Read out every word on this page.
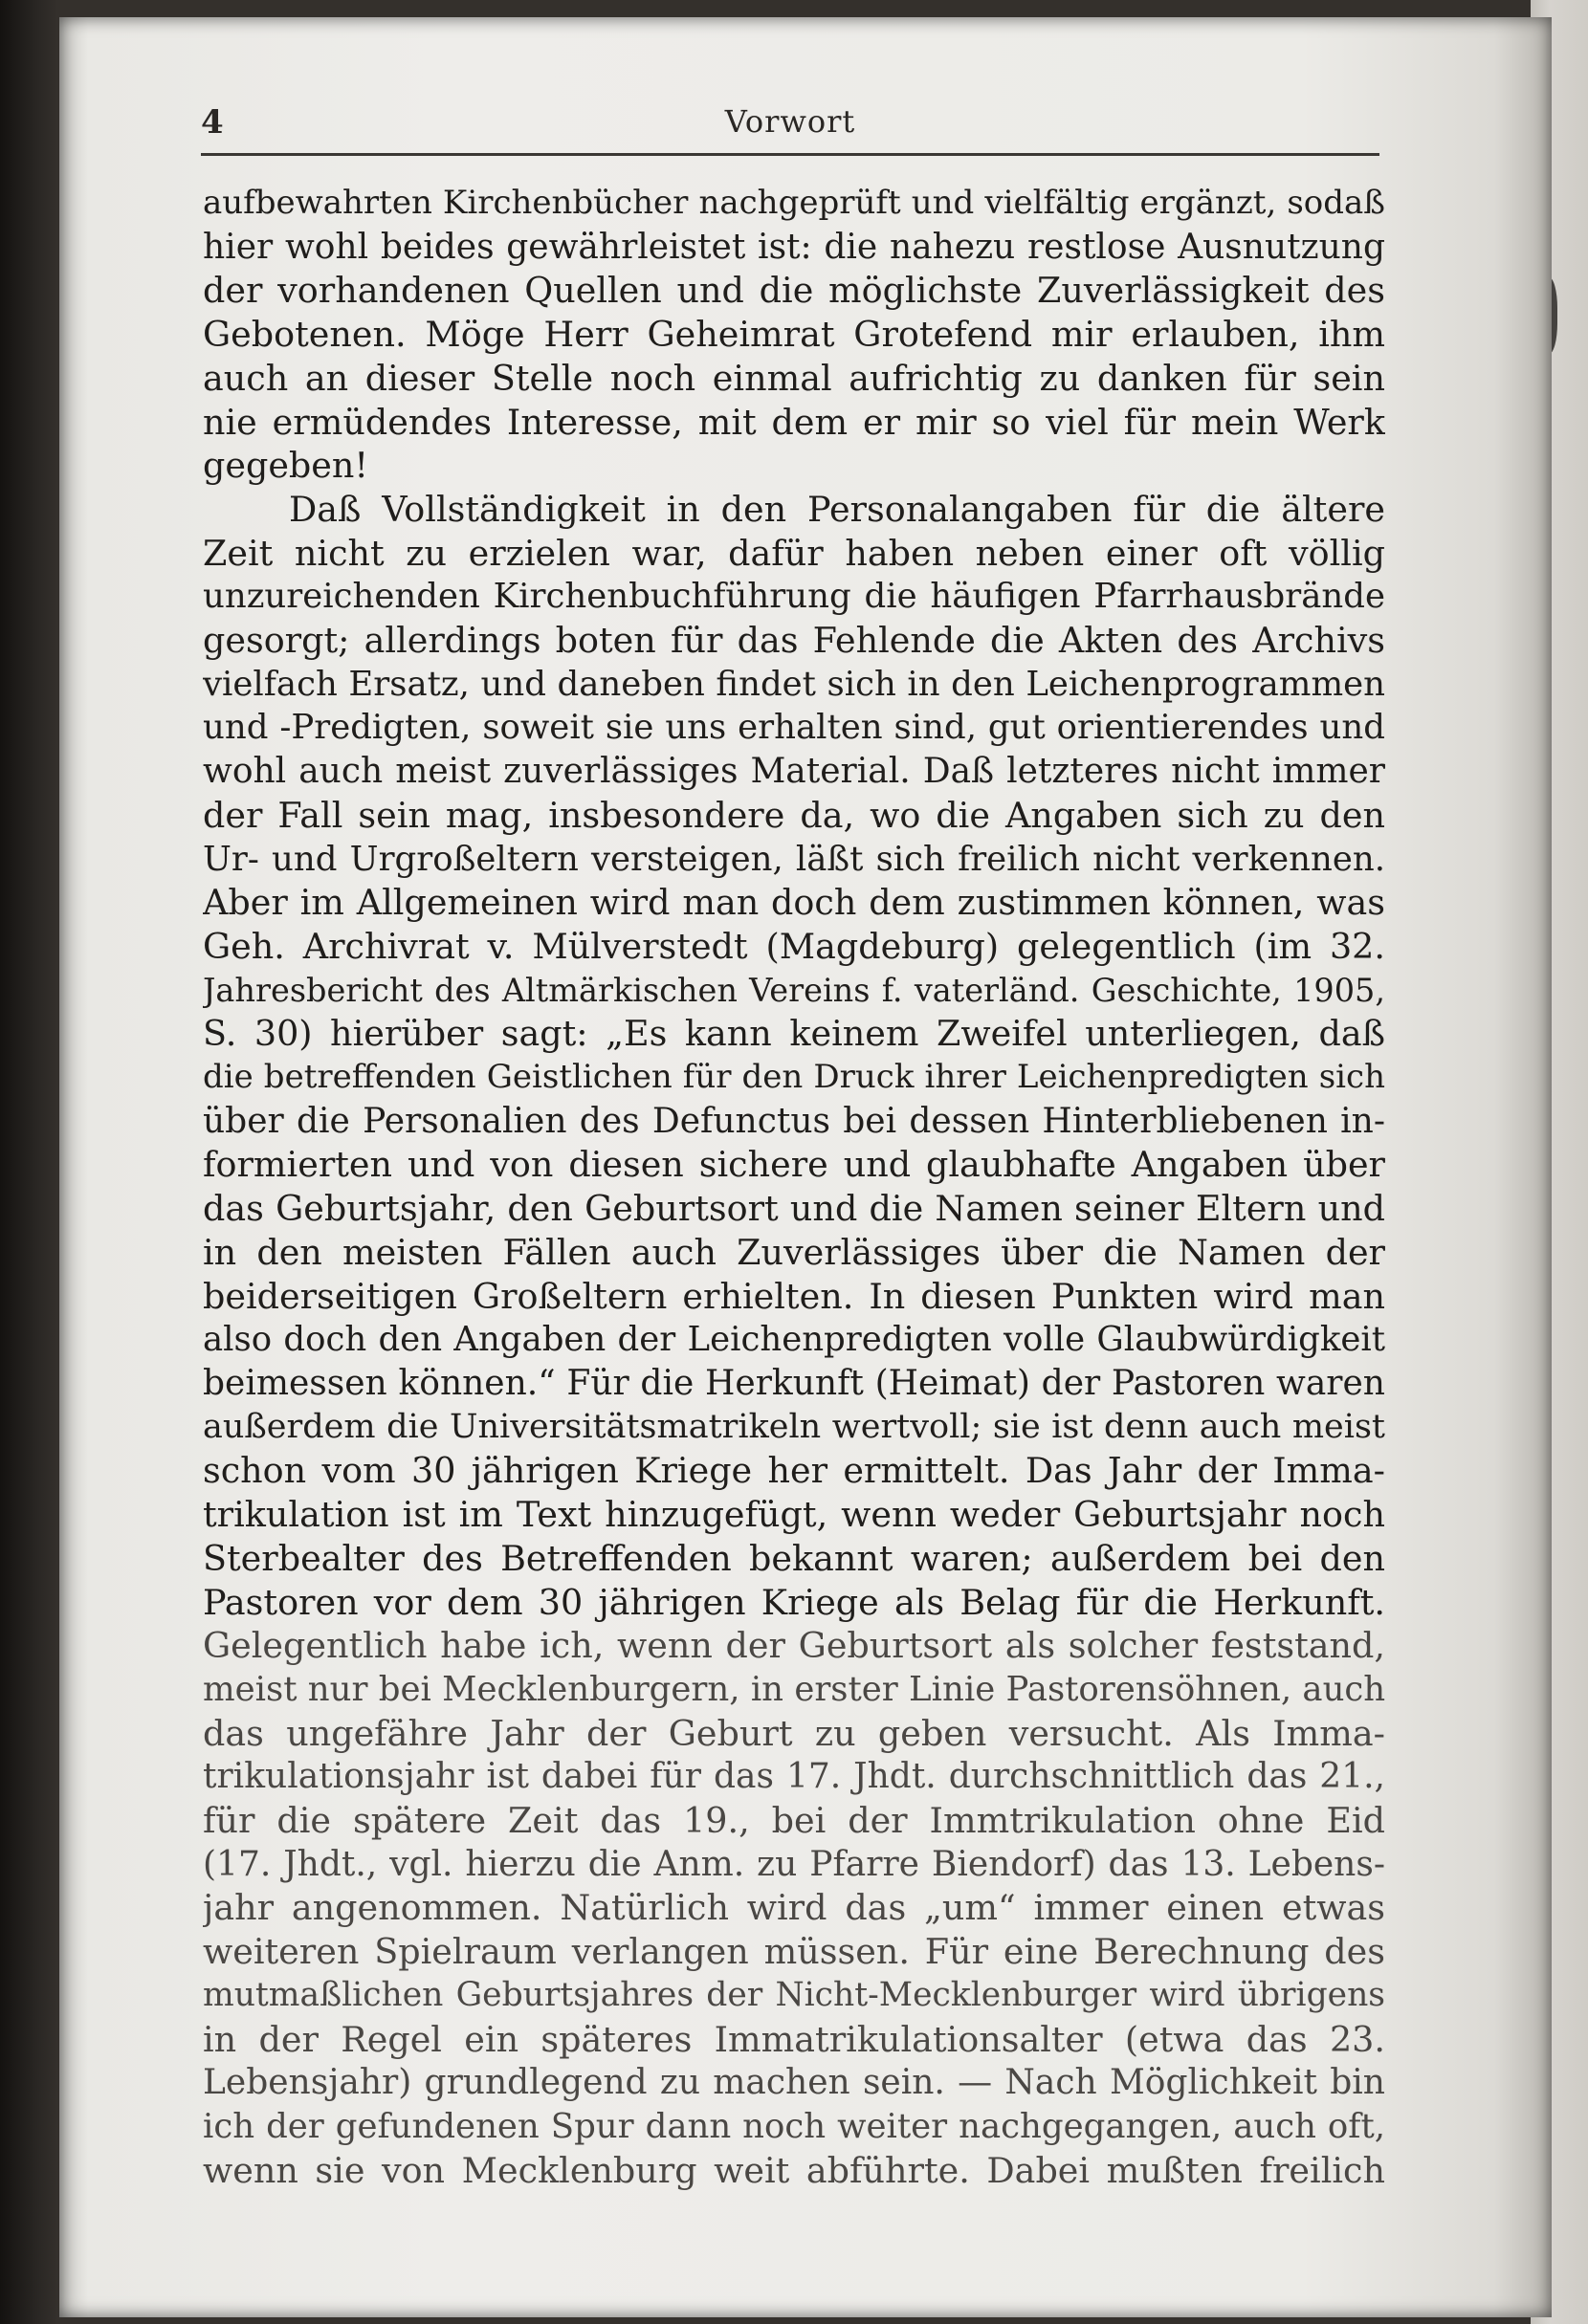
4	Vorwort
aufbewahrten Kirchenbücher nachgeprüft und vielfältig ergänzt, sodaß
hier wohl beides gewährleistet ist: die nahezu restlose Ausnutzung
der vorhandenen Quellen und die möglichste Zuverlässigkeit des
Gebotenen. Möge Herr Geheimrat Grotefend mir erlauben, ihm
auch an dieser Stelle noch einmal aufrichtig zu danken für sein
nie ermüdendes Interesse, mit dem er mir so viel für mein Werk
gegeben!
Daß Vollständigkeit in den Personalangaben für die ältere
Zeit nicht zu erzielen war, dafür haben neben einer oft völlig
unzureichenden Kirchenbuchführung die häufigen Pfarrhausbrände
gesorgt; allerdings boten für das Fehlende die Akten des Archivs
vielfach Ersatz, und daneben findet sich in den Leichenprogrammen
und -Predigten, soweit sie uns erhalten sind, gut orientierendes und
wohl auch meist zuverlässiges Material. Daß letzteres nicht immer
der Fall sein mag, insbesondere da, wo die Angaben sich zu den
Ur- und Urgroßeltern versteigen, läßt sich freilich nicht verkennen.
Aber im Allgemeinen wird man doch dem zustimmen können, was
Geh. Archivrat v. Mülverstedt (Magdeburg) gelegentlich (im 32.
Jahresbericht des Altmärkischen Vereins f. vaterländ. Geschichte, 1905,
S. 30) hierüber sagt: „Es kann keinem Zweifel unterliegen, daß
die betreffenden Geistlichen für den Druck ihrer Leichenpredigten sich
über die Personalien des Defunctus bei dessen Hinterbliebenen in-
formierten und von diesen sichere und glaubhafte Angaben über
das Geburtsjahr, den Geburtsort und die Namen seiner Eltern und
in den meisten Fällen auch Zuverlässiges über die Namen der
beiderseitigen Großeltern erhielten. In diesen Punkten wird man
also doch den Angaben der Leichenpredigten volle Glaubwürdigkeit
beimessen können.“ Für die Herkunft (Heimat) der Pastoren waren
außerdem die Universitätsmatrikeln wertvoll; sie ist denn auch meist
schon vom 30 jährigen Kriege her ermittelt. Das Jahr der Imma-
trikulation ist im Text hinzugefügt, wenn weder Geburtsjahr noch
Sterbealter des Betreffenden bekannt waren; außerdem bei den
Pastoren vor dem 30 jährigen Kriege als Belag für die Herkunft.
Gelegentlich habe ich, wenn der Geburtsort als solcher feststand,
meist nur bei Mecklenburgern, in erster Linie Pastorensöhnen, auch
das ungefähre Jahr der Geburt zu geben versucht. Als Imma-
trikulationsjahr ist dabei für das 17. Jhdt. durchschnittlich das 21.,
für die spätere Zeit das 19., bei der Immtrikulation ohne Eid
(17. Jhdt., vgl. hierzu die Anm. zu Pfarre Biendorf) das 13. Lebens-
jahr angenommen. Natürlich wird das „um“ immer einen etwas
weiteren Spielraum verlangen müssen. Für eine Berechnung des
mutmaßlichen Geburtsjahres der Nicht-Mecklenburger wird übrigens
in der Regel ein späteres Immatrikulationsalter (etwa das 23.
Lebensjahr) grundlegend zu machen sein. — Nach Möglichkeit bin
ich der gefundenen Spur dann noch weiter nachgegangen, auch oft,
wenn sie von Mecklenburg weit abführte. Dabei mußten freilich
